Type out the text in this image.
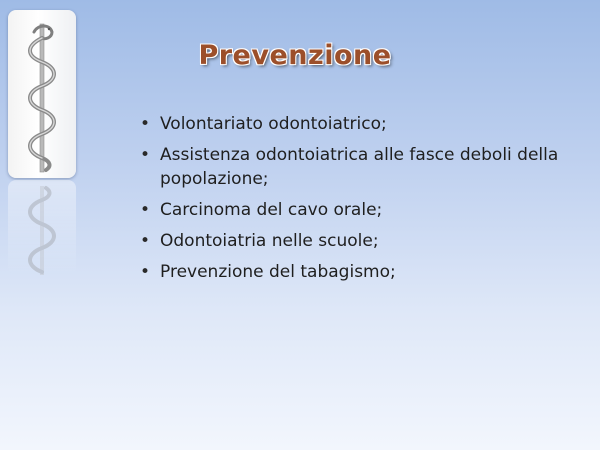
Prevenzione
• Volontariato odontoiatrico;
• Assistenza odontoiatrica alle fasce deboli della popolazione;
• Carcinoma del cavo orale;
• Odontoiatria nelle scuole;
• Prevenzione del tabagismo;
